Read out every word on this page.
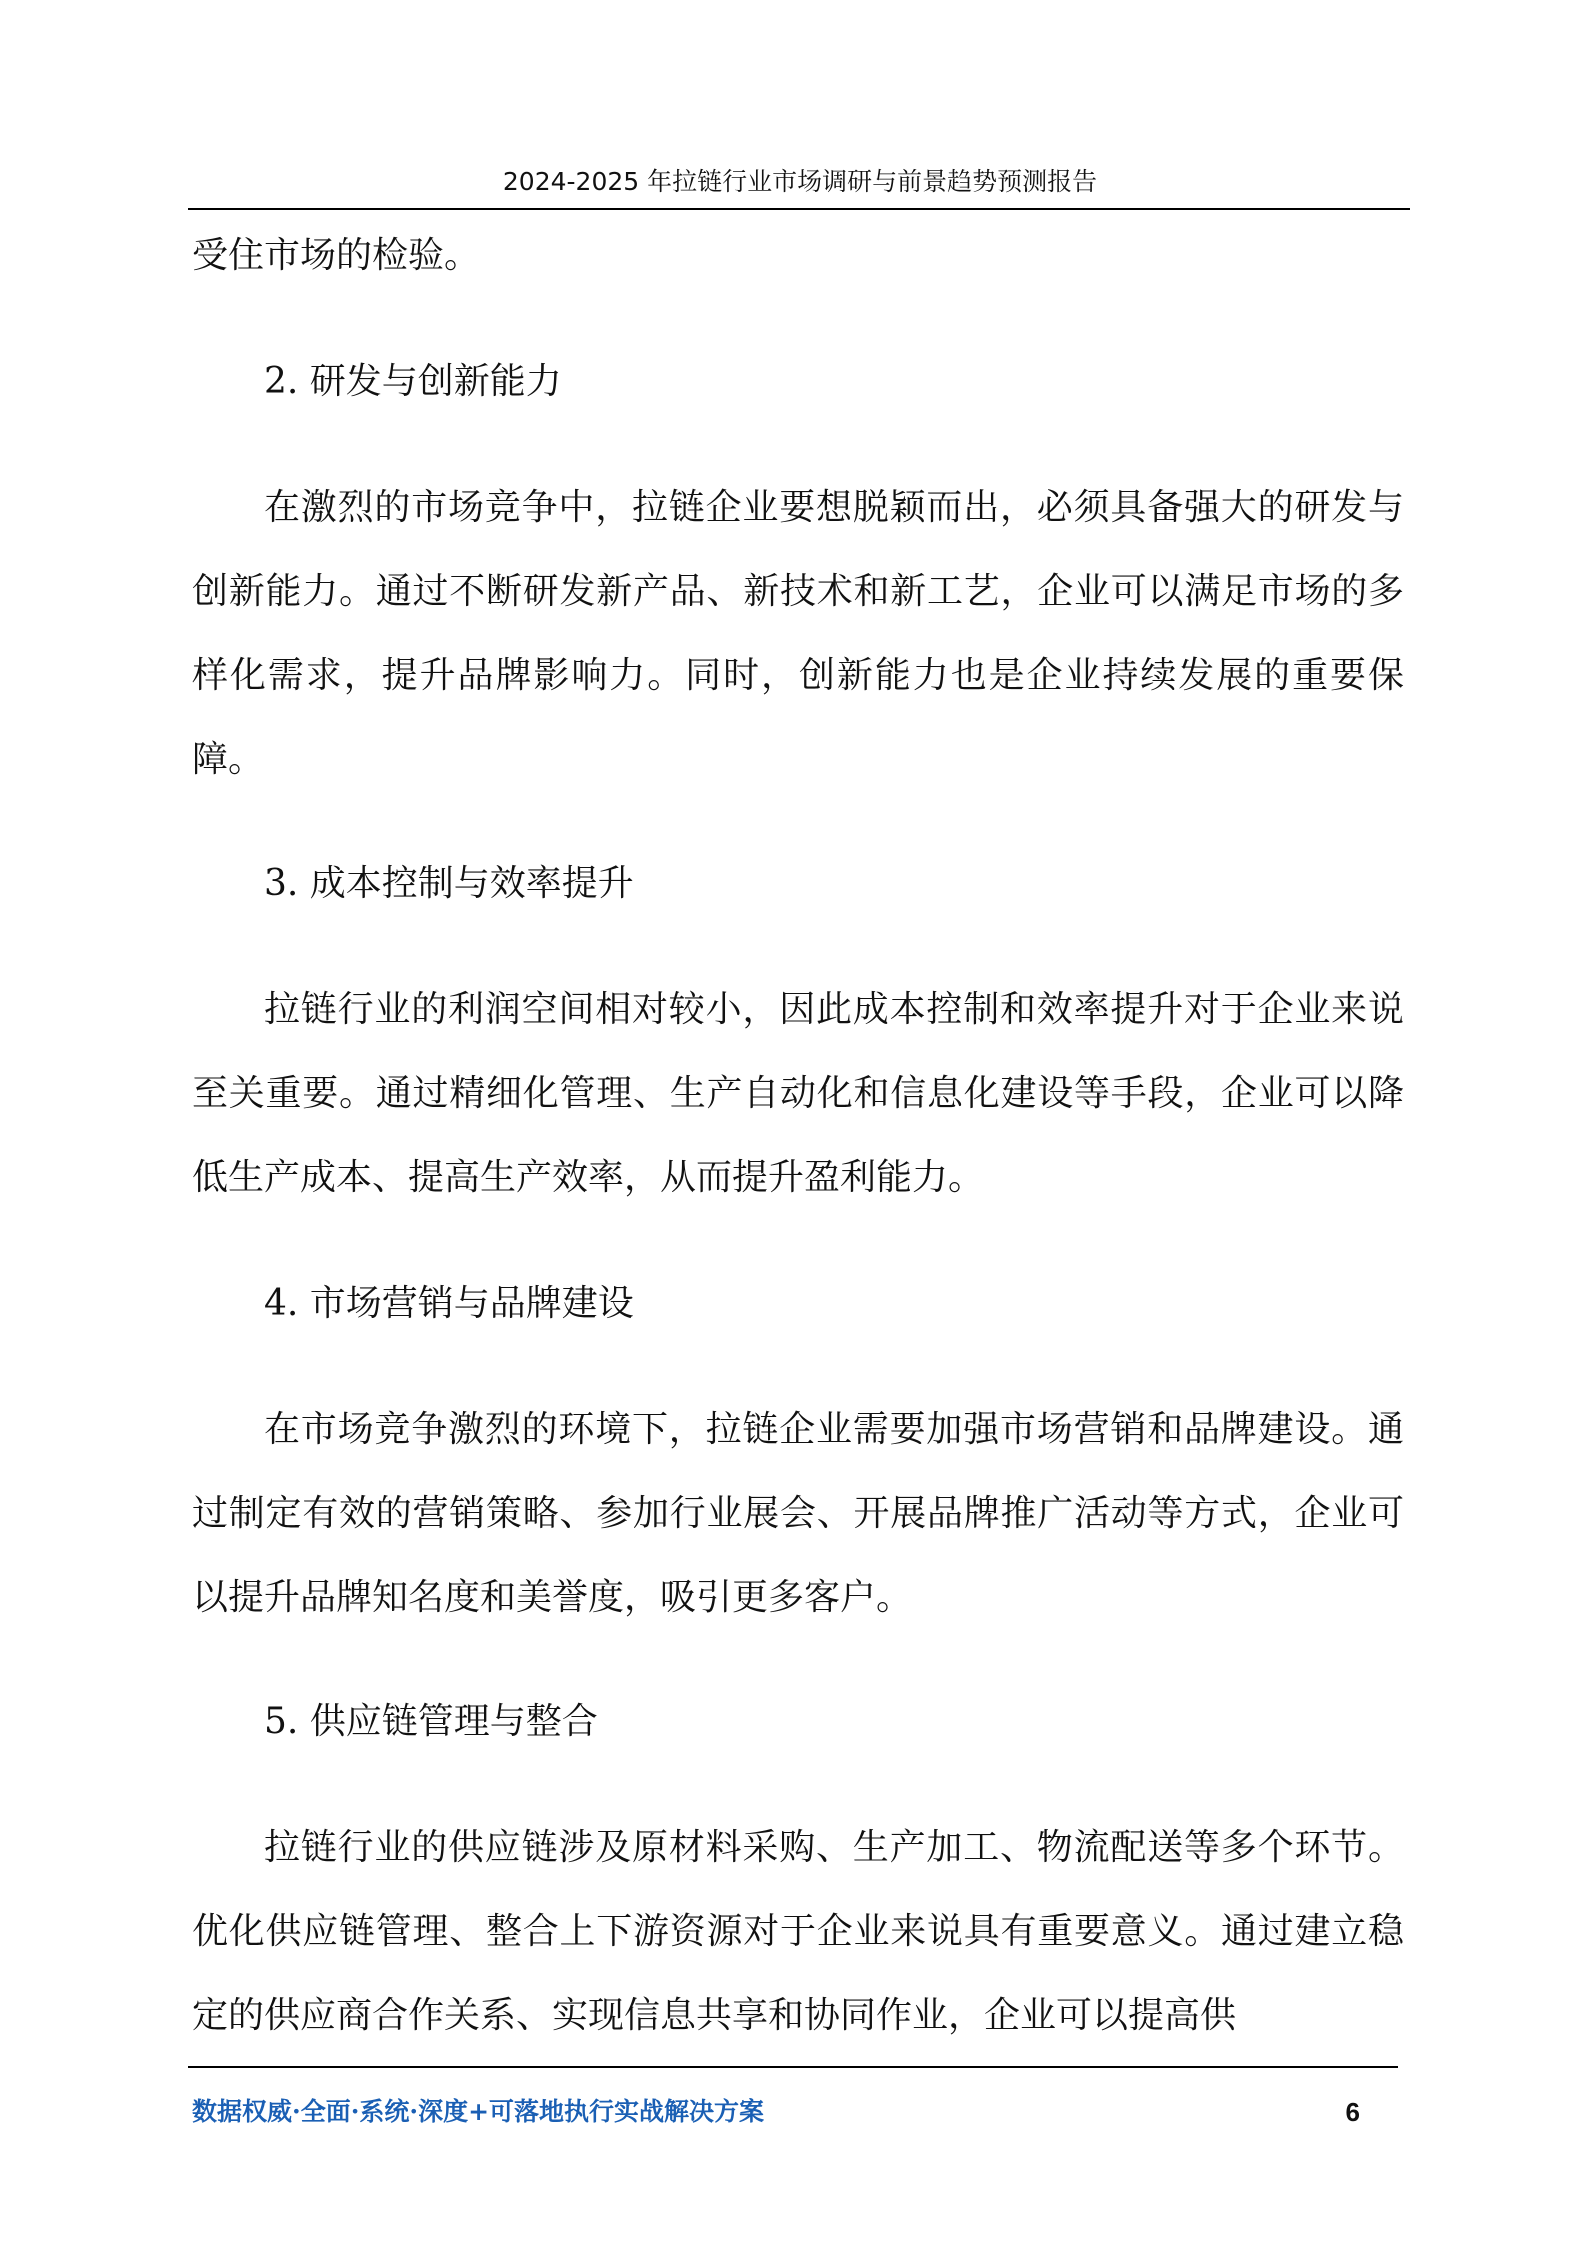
2024-2025 年拉链行业市场调研与前景趋势预测报告

受住市场的检验。

2. 研发与创新能力

在激烈的市场竞争中，拉链企业要想脱颖而出，必须具备强大的研发与创新能力。通过不断研发新产品、新技术和新工艺，企业可以满足市场的多样化需求，提升品牌影响力。同时，创新能力也是企业持续发展的重要保障。

3. 成本控制与效率提升

拉链行业的利润空间相对较小，因此成本控制和效率提升对于企业来说至关重要。通过精细化管理、生产自动化和信息化建设等手段，企业可以降低生产成本、提高生产效率，从而提升盈利能力。

4. 市场营销与品牌建设

在市场竞争激烈的环境下，拉链企业需要加强市场营销和品牌建设。通过制定有效的营销策略、参加行业展会、开展品牌推广活动等方式，企业可以提升品牌知名度和美誉度，吸引更多客户。

5. 供应链管理与整合

拉链行业的供应链涉及原材料采购、生产加工、物流配送等多个环节。优化供应链管理、整合上下游资源对于企业来说具有重要意义。通过建立稳定的供应商合作关系、实现信息共享和协同作业，企业可以提高供

数据权威·全面·系统·深度+可落地执行实战解决方案	6
